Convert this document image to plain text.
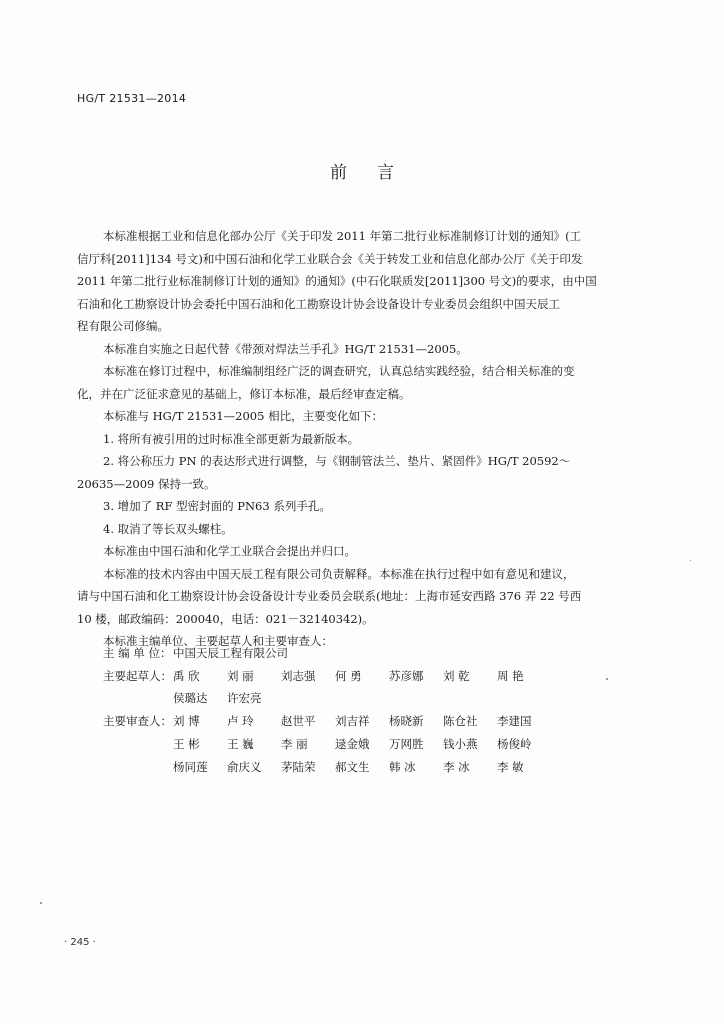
HG/T 21531—2014
前言
本标准根据工业和信息化部办公厅《关于印发 2011 年第二批行业标准制修订计划的通知》(工
信厅科[2011]134 号文)和中国石油和化学工业联合会《关于转发工业和信息化部办公厅《关于印发
2011 年第二批行业标准制修订计划的通知》的通知》(中石化联质发[2011]300 号文)的要求，由中国
石油和化工勘察设计协会委托中国石油和化工勘察设计协会设备设计专业委员会组织中国天辰工
程有限公司修编。
本标准自实施之日起代替《带颈对焊法兰手孔》HG/T 21531—2005。
本标准在修订过程中，标准编制组经广泛的调查研究，认真总结实践经验，结合相关标准的变
化，并在广泛征求意见的基础上，修订本标准，最后经审查定稿。
本标准与 HG/T 21531—2005 相比，主要变化如下：
1. 将所有被引用的过时标准全部更新为最新版本。
2. 将公称压力 PN 的表达形式进行调整，与《钢制管法兰、垫片、紧固件》HG/T 20592～
20635—2009 保持一致。
3. 增加了 RF 型密封面的 PN63 系列手孔。
4. 取消了等长双头螺柱。
本标准由中国石油和化学工业联合会提出并归口。
本标准的技术内容由中国天辰工程有限公司负责解释。本标准在执行过程中如有意见和建议，
请与中国石油和化工勘察设计协会设备设计专业委员会联系(地址：上海市延安西路 376 弄 22 号西
10 楼，邮政编码：200040，电话：021－32140342)。
本标准主编单位、主要起草人和主要审查人：
主 编 单 位： 中国天辰工程有限公司
主要起草人： 禹 欣 刘 丽 刘志强 何 勇 苏彦娜 刘 乾 周 艳
侯璐达 许宏亮
主要审查人： 刘 博 卢 玲 赵世平 刘吉祥 杨晓新 陈仓社 李建国
王 彬 王 巍 李 丽 逯金娥 万网胜 钱小燕 杨俊岭
杨同莲 俞庆义 茅陆荣 郝文生 韩 冰 李 冰 李 敏
· 245 ·
